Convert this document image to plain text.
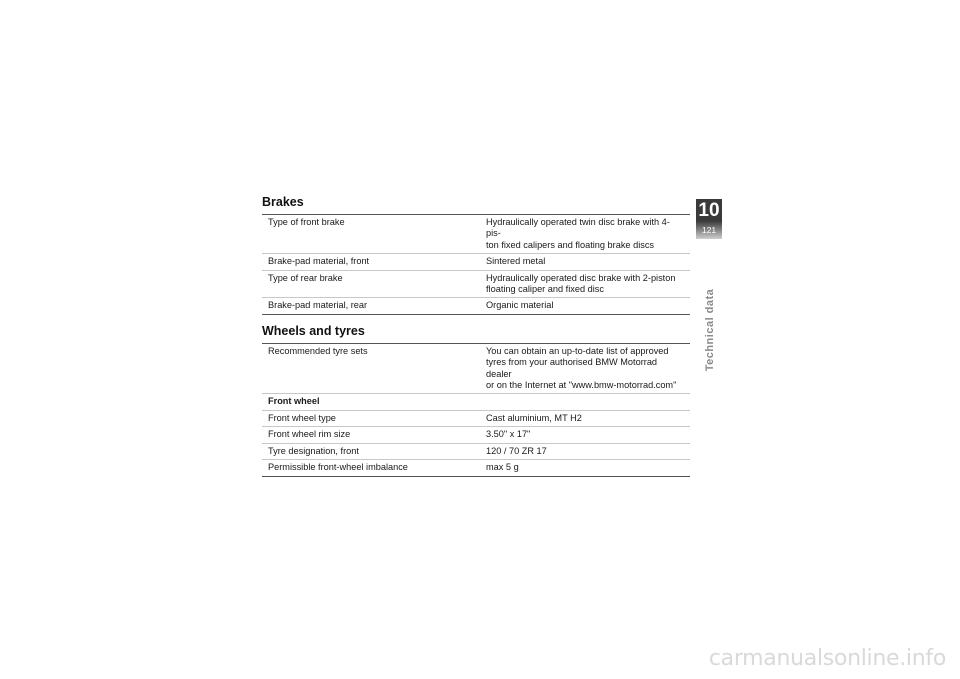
Brakes
Type of front brake	Hydraulically operated twin disc brake with 4-pis-
ton fixed calipers and floating brake discs
Brake-pad material, front	Sintered metal
Type of rear brake	Hydraulically operated disc brake with 2-piston
floating caliper and fixed disc
Brake-pad material, rear	Organic material
Wheels and tyres
Recommended tyre sets	You can obtain an up-to-date list of approved
tyres from your authorised BMW Motorrad dealer
or on the Internet at "www.bmw-motorrad.com"
Front wheel	
Front wheel type	Cast aluminium, MT H2
Front wheel rim size	3.50" x 17"
Tyre designation, front	120 / 70 ZR 17
Permissible front-wheel imbalance	max 5 g
10
121
Technical data
carmanualsonline.info
